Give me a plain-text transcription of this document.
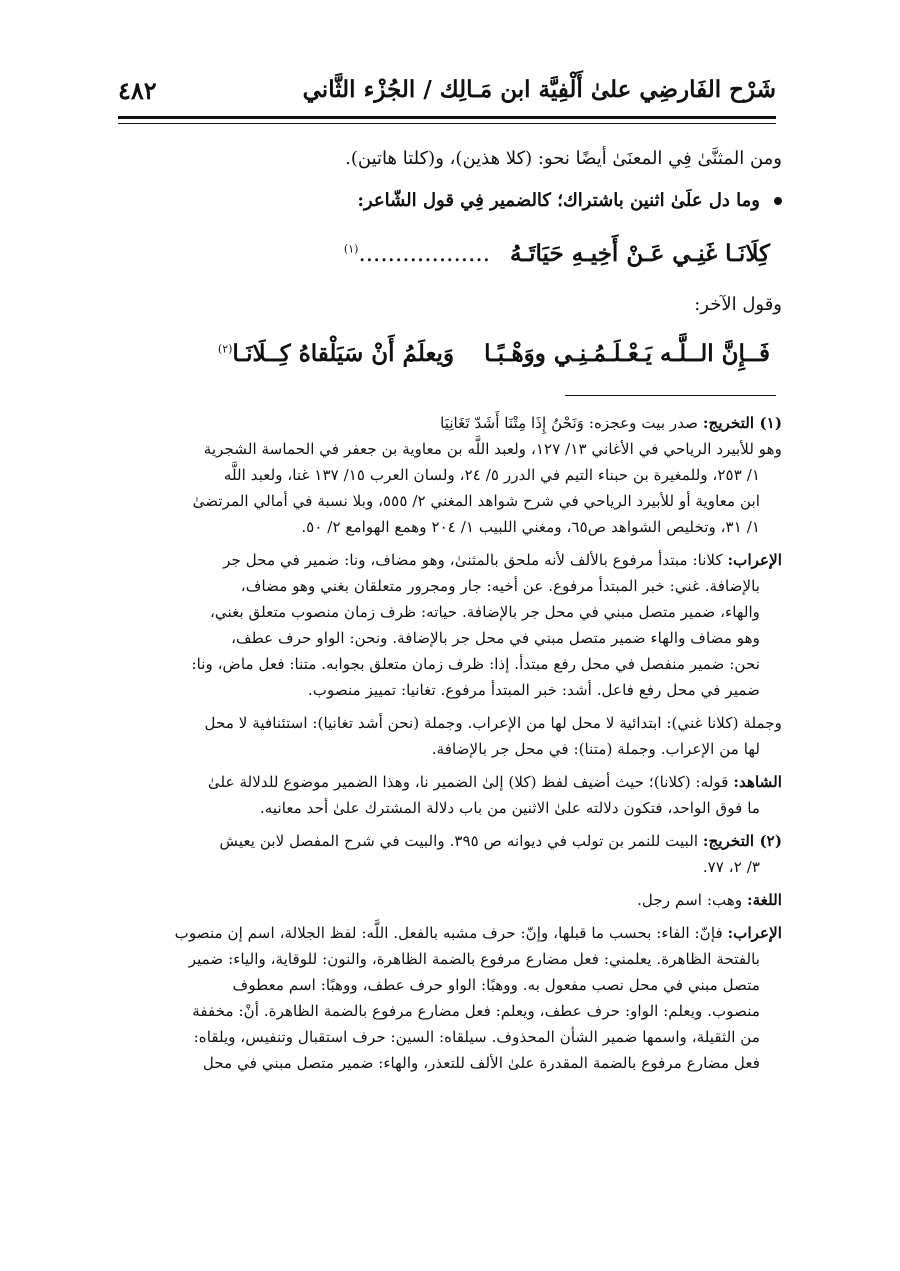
شَرْح الفَارضِي علىٰ أَلْفِيَّة ابن مَـالِك / الجُزْء الثَّاني
٤٨٢
ومن المثنَّىٰ فِي المعنَىٰ أيضًا نحو: (كلا هذين)، و(كلتا هاتين).
وما دل علَىٰ اثنين باشتراك؛ كالضمير فِي قول الشّاعر:
كِلَانَـا غَنِـي عَـنْ أَخِيـهِ حَيَاتَـهُ..................$^{(١)}$
وقول الآخر:
فَــإِنَّ الــلَّـه يَـعْـلَـمُـنِـي ووَهْـبًـاوَيعلَمُ أَنْ سَيَلْقاهُ كِــلَانَـا$^{(٢)}$
(١) التخريج: صدر بيت وعجزه: وَنَحْنُ إِذَا مِتْنَا أَشَدّ تَغَانِيَا
وهو للأبيرد الرياحي في الأغاني ١٣/ ١٢٧، ولعبد اللَّه بن معاوية بن جعفر في الحماسة الشجرية
١/ ٢٥٣، وللمغيرة بن حبناء التيم في الدرر ٥/ ٢٤، ولسان العرب ١٥/ ١٣٧ غنا، ولعبد اللَّه
ابن معاوية أو للأبيرد الرياحي في شرح شواهد المغني ٢/ ٥٥٥، وبلا نسبة في أمالي المرتضىٰ
١/ ٣١، وتخليص الشواهد ص٦٥، ومغني اللبيب ١/ ٢٠٤ وهمع الهوامع ٢/ ٥٠.
الإعراب: كلانا: مبتدأ مرفوع بالألف لأنه ملحق بالمثنىٰ، وهو مضاف، ونا: ضمير في محل جر
بالإضافة. غني: خبر المبتدأ مرفوع. عن أخيه: جار ومجرور متعلقان بغني وهو مضاف،
والهاء، ضمير متصل مبني في محل جر بالإضافة. حياته: ظرف زمان منصوب متعلق بغني،
وهو مضاف والهاء ضمير متصل مبني في محل جر بالإضافة. ونحن: الواو حرف عطف،
نحن: ضمير منفصل في محل رفع مبتدأ. إذا: ظرف زمان متعلق بجوابه. متنا: فعل ماض، ونا:
ضمير في محل رفع فاعل. أشد: خبر المبتدأ مرفوع. تغانيا: تمييز منصوب.
وجملة (كلانا غني): ابتدائية لا محل لها من الإعراب. وجملة (نحن أشد تغانيا): استئنافية لا محل
لها من الإعراب. وجملة (متنا): في محل جر بالإضافة.
الشاهد: قوله: (كلانا)؛ حيث أضيف لفظ (كلا) إلىٰ الضمير نا، وهذا الضمير موضوع للدلالة علىٰ
ما فوق الواحد، فتكون دلالته علىٰ الاثنين من باب دلالة المشترك علىٰ أحد معانيه.
(٢) التخريج: البيت للنمر بن تولب في ديوانه ص ٣٩٥. والبيت في شرح المفصل لابن يعيش
٣/ ٢، ٧٧.
اللغة: وهب: اسم رجل.
الإعراب: فإنّ: الفاء: بحسب ما قبلها، وإنّ: حرف مشبه بالفعل. اللَّه: لفظ الجلالة، اسم إن منصوب
بالفتحة الظاهرة. يعلمني: فعل مضارع مرفوع بالضمة الظاهرة، والنون: للوقاية، والياء: ضمير
متصل مبني في محل نصب مفعول به. ووهبًا: الواو حرف عطف، ووهبًا: اسم معطوف
منصوب. ويعلم: الواو: حرف عطف، ويعلم: فعل مضارع مرفوع بالضمة الظاهرة. أنْ: مخففة
من الثقيلة، واسمها ضمير الشأن المحذوف. سيلقاه: السين: حرف استقبال وتنفيس، ويلقاه:
فعل مضارع مرفوع بالضمة المقدرة علىٰ الألف للتعذر، والهاء: ضمير متصل مبني في محل
